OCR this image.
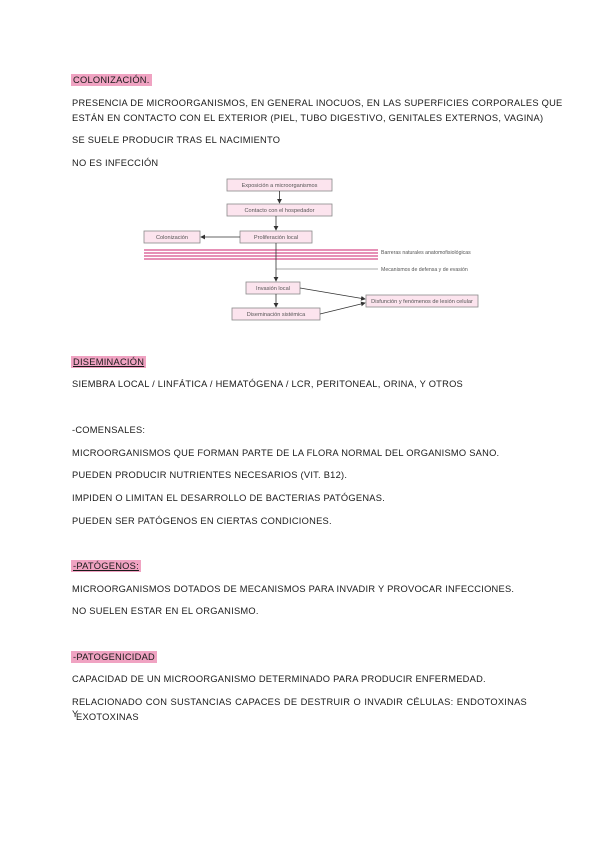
COLONIZACIÓN.
PRESENCIA DE MICROORGANISMOS, EN GENERAL INOCUOS, EN LAS SUPERFICIES CORPORALES QUE
ESTÁN EN CONTACTO CON EL EXTERIOR (PIEL, TUBO DIGESTIVO, GENITALES EXTERNOS, VAGINA)
SE SUELE PRODUCIR TRAS EL NACIMIENTO
NO ES INFECCIÓN
Exposición a microorganismos
Contacto con el hospedador
Colonización	Proliferación local
Barreras naturales anatomofisiológicas
Mecanismos de defensa y de evasión
Invasión local
Disfunción y fenómenos de lesión celular
Diseminación sistémica
DISEMINACIÓN
SIEMBRA LOCAL / LINFÁTICA / HEMATÓGENA / LCR, PERITONEAL, ORINA, Y OTROS
-COMENSALES:
MICROORGANISMOS QUE FORMAN PARTE DE LA FLORA NORMAL DEL ORGANISMO SANO.
PUEDEN PRODUCIR NUTRIENTES NECESARIOS (VIT. B12).
IMPIDEN O LIMITAN EL DESARROLLO DE BACTERIAS PATÓGENAS.
PUEDEN SER PATÓGENOS EN CIERTAS CONDICIONES.
-PATÓGENOS:
MICROORGANISMOS DOTADOS DE MECANISMOS PARA INVADIR Y PROVOCAR INFECCIONES.
NO SUELEN ESTAR EN EL ORGANISMO.
-PATOGENICIDAD
CAPACIDAD DE UN MICROORGANISMO DETERMINADO PARA PRODUCIR ENFERMEDAD.
RELACIONADO CON SUSTANCIAS CAPACES DE DESTRUIR O INVADIR CÉLULAS: ENDOTOXINAS Y
EXOTOXINAS
